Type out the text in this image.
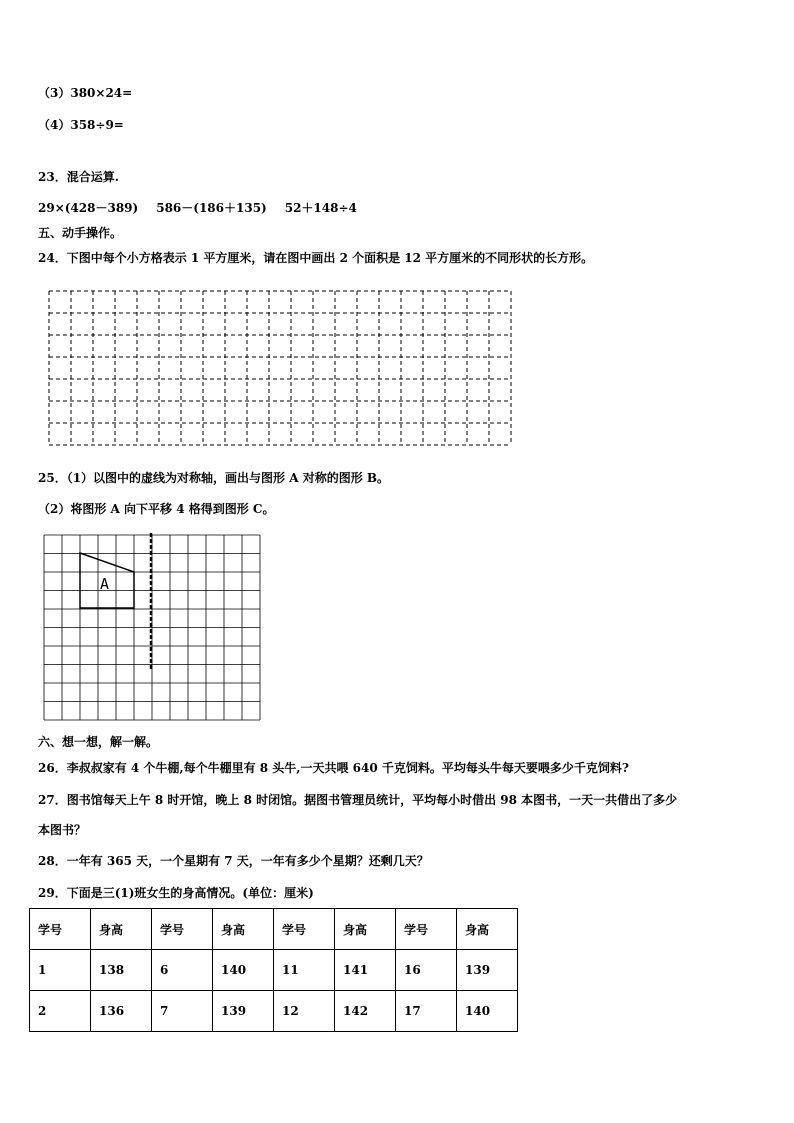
（3）380×24=
（4）358÷9=
23．混合运算.
29×(428－389) 586－(186＋135) 52＋148÷4
五、动手操作。
24．下图中每个小方格表示 1 平方厘米，请在图中画出 2 个面积是 12 平方厘米的不同形状的长方形。
25．（1）以图中的虚线为对称轴，画出与图形 A 对称的图形 B。
（2）将图形 A 向下平移 4 格得到图形 C。
A
六、想一想，解一解。
26．李叔叔家有 4 个牛棚,每个牛棚里有 8 头牛,一天共喂 640 千克饲料。平均每头牛每天要喂多少千克饲料?
27．图书馆每天上午 8 时开馆，晚上 8 时闭馆。据图书管理员统计，平均每小时借出 98 本图书，一天一共借出了多少
本图书？
28．一年有 365 天，一个星期有 7 天，一年有多少个星期？还剩几天？
29．下面是三(1)班女生的身高情况。(单位：厘米)
学号	身高	学号	身高	学号	身高	学号	身高
1	138	6	140	11	141	16	139
2	136	7	139	12	142	17	140
